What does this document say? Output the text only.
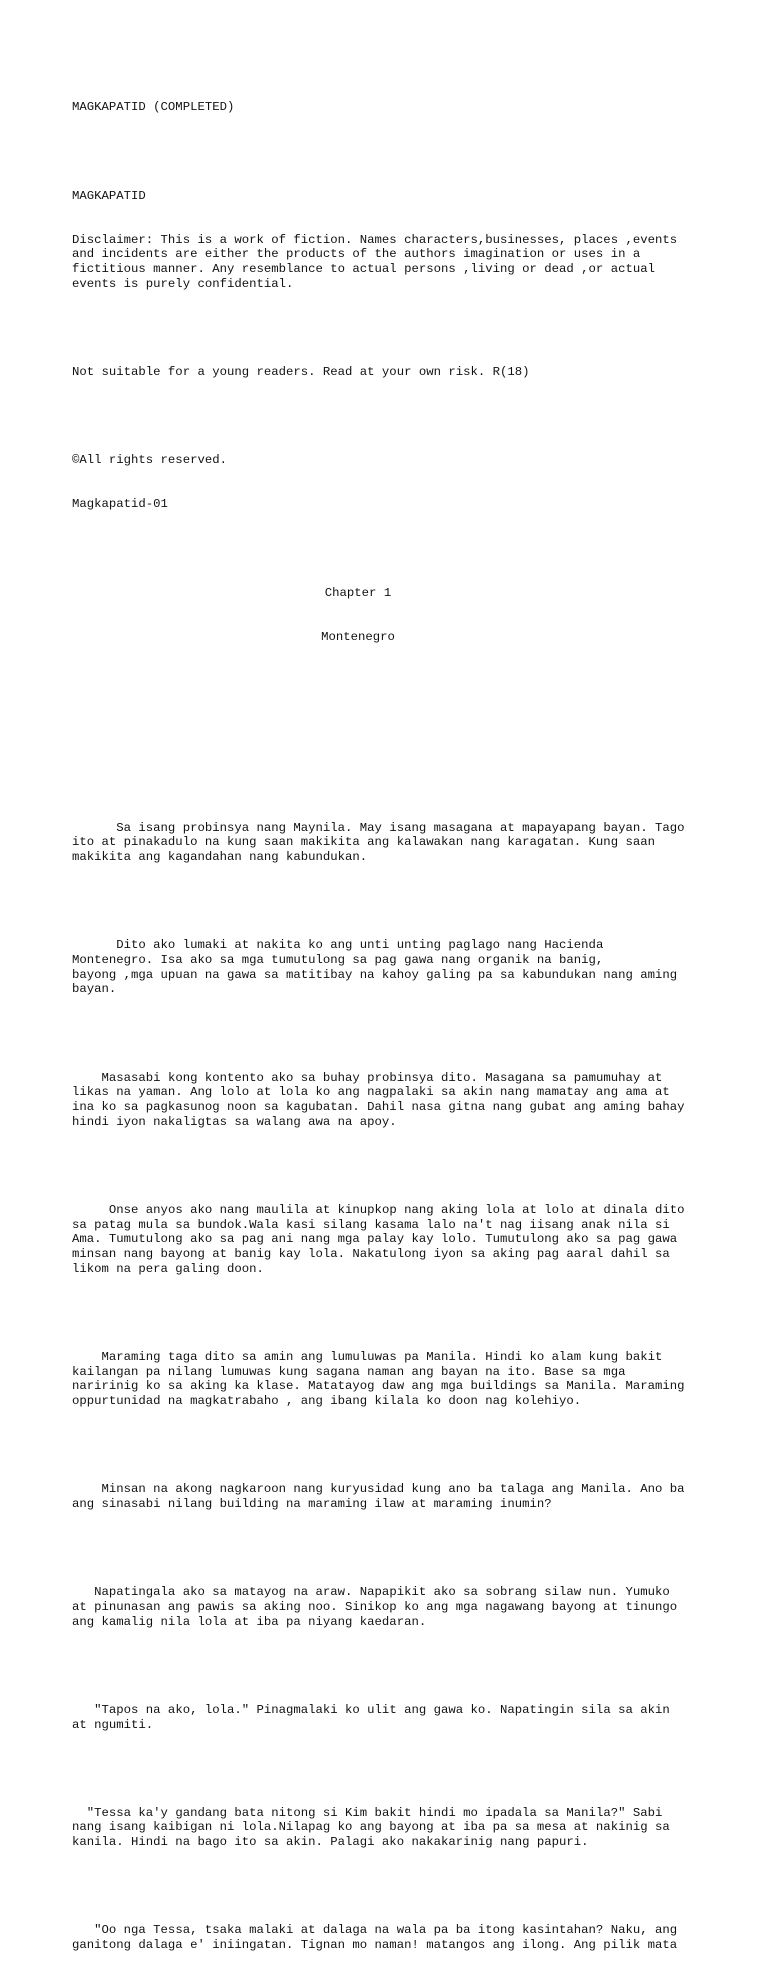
MAGKAPATID (COMPLETED)

MAGKAPATID

Disclaimer: This is a work of fiction. Names characters,businesses, places ,events
and incidents are either the products of the authors imagination or uses in a
fictitious manner. Any resemblance to actual persons ,living or dead ,or actual
events is purely confidential.

Not suitable for a young readers. Read at your own risk. R(18)

©All rights reserved.

Magkapatid-01

Chapter 1

Montenegro

Sa isang probinsya nang Maynila. May isang masagana at mapayapang bayan. Tago
ito at pinakadulo na kung saan makikita ang kalawakan nang karagatan. Kung saan
makikita ang kagandahan nang kabundukan.

Dito ako lumaki at nakita ko ang unti unting paglago nang Hacienda
Montenegro. Isa ako sa mga tumutulong sa pag gawa nang organik na banig,
bayong ,mga upuan na gawa sa matitibay na kahoy galing pa sa kabundukan nang aming
bayan.

Masasabi kong kontento ako sa buhay probinsya dito. Masagana sa pamumuhay at
likas na yaman. Ang lolo at lola ko ang nagpalaki sa akin nang mamatay ang ama at
ina ko sa pagkasunog noon sa kagubatan. Dahil nasa gitna nang gubat ang aming bahay
hindi iyon nakaligtas sa walang awa na apoy.

Onse anyos ako nang maulila at kinupkop nang aking lola at lolo at dinala dito
sa patag mula sa bundok.Wala kasi silang kasama lalo na't nag iisang anak nila si
Ama. Tumutulong ako sa pag ani nang mga palay kay lolo. Tumutulong ako sa pag gawa
minsan nang bayong at banig kay lola. Nakatulong iyon sa aking pag aaral dahil sa
likom na pera galing doon.

Maraming taga dito sa amin ang lumuluwas pa Manila. Hindi ko alam kung bakit
kailangan pa nilang lumuwas kung sagana naman ang bayan na ito. Base sa mga
naririnig ko sa aking ka klase. Matatayog daw ang mga buildings sa Manila. Maraming
oppurtunidad na magkatrabaho , ang ibang kilala ko doon nag kolehiyo.

Minsan na akong nagkaroon nang kuryusidad kung ano ba talaga ang Manila. Ano ba
ang sinasabi nilang building na maraming ilaw at maraming inumin?

Napatingala ako sa matayog na araw. Napapikit ako sa sobrang silaw nun. Yumuko
at pinunasan ang pawis sa aking noo. Sinikop ko ang mga nagawang bayong at tinungo
ang kamalig nila lola at iba pa niyang kaedaran.

"Tapos na ako, lola." Pinagmalaki ko ulit ang gawa ko. Napatingin sila sa akin
at ngumiti.

"Tessa ka'y gandang bata nitong si Kim bakit hindi mo ipadala sa Manila?" Sabi
nang isang kaibigan ni lola.Nilapag ko ang bayong at iba pa sa mesa at nakinig sa
kanila. Hindi na bago ito sa akin. Palagi ako nakakarinig nang papuri.

"Oo nga Tessa, tsaka malaki at dalaga na wala pa ba itong kasintahan? Naku, ang
ganitong dalaga e' iniingatan. Tignan mo naman! matangos ang ilong. Ang pilik mata
